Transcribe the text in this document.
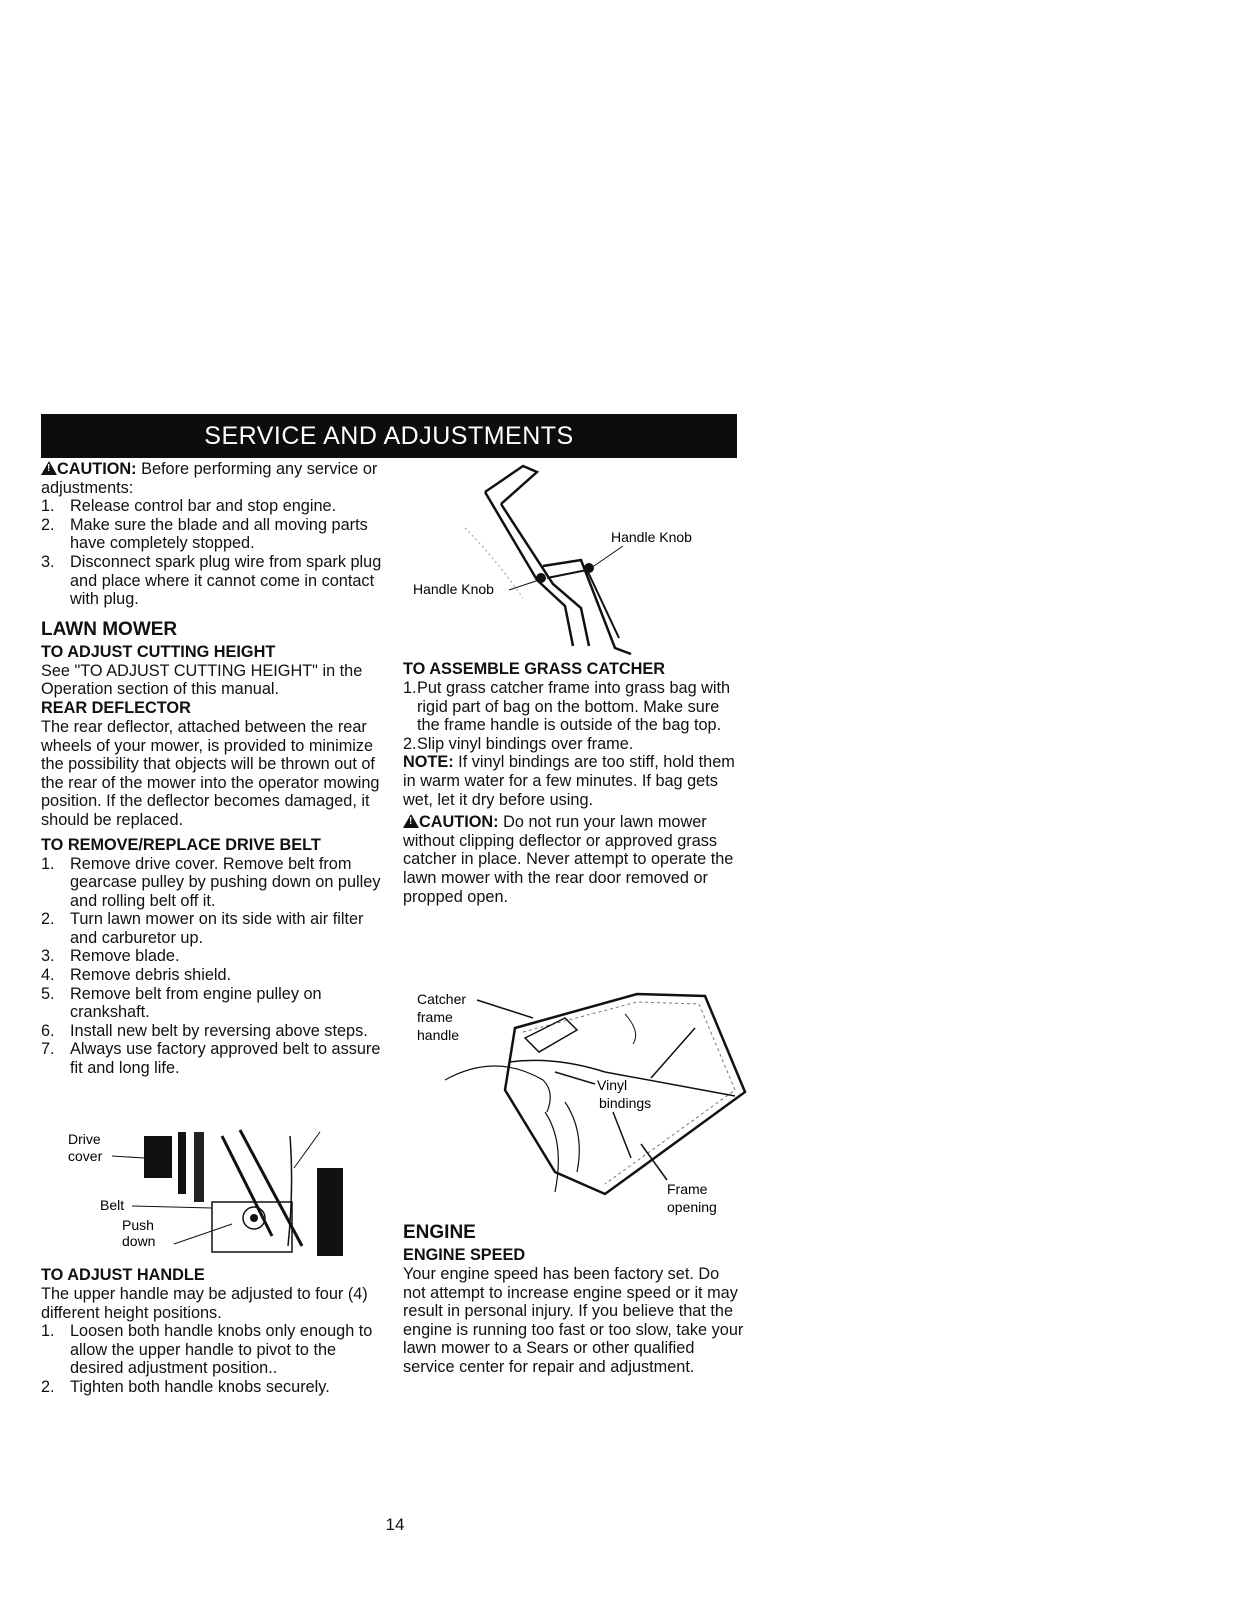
SERVICE AND ADJUSTMENTS

!CAUTION: Before performing any service or adjustments:

1. Release control bar and stop engine.
2. Make sure the blade and all moving parts have completely stopped.
3. Disconnect spark plug wire from spark plug and place where it cannot come in contact with plug.
LAWN MOWER
TO ADJUST CUTTING HEIGHT

See "TO ADJUST CUTTING HEIGHT" in the Operation section of this manual.

REAR DEFLECTOR

The rear deflector, attached between the rear wheels of your mower, is provided to minimize the possibility that objects will be thrown out of the rear of the mower into the operator mowing position. If the deflector becomes damaged, it should be replaced.

TO REMOVE/REPLACE DRIVE BELT
1. Remove drive cover. Remove belt from gearcase pulley by pushing down on pulley and rolling belt off it.
2. Turn lawn mower on its side with air filter and carburetor up.
3. Remove blade.
4. Remove debris shield.
5. Remove belt from engine pulley on crankshaft.
6. Install new belt by reversing above steps.
7. Always use factory approved belt to assure fit and long life.
Drive
cover
Belt
Push
down
TO ADJUST HANDLE

The upper handle may be adjusted to four (4) different height positions.

1. Loosen both handle knobs only enough to allow the upper handle to pivot to the desired adjustment position..
2. Tighten both handle knobs securely.
Handle Knob
Handle Knob
TO ASSEMBLE GRASS CATCHER
1. Put grass catcher frame into grass bag with rigid part of bag on the bottom. Make sure the frame handle is outside of the bag top.
2. Slip vinyl bindings over frame.

NOTE: If vinyl bindings are too stiff, hold them in warm water for a few minutes. If bag gets wet, let it dry before using.

!CAUTION: Do not run your lawn mower without clipping deflector or approved grass catcher in place. Never attempt to operate the lawn mower with the rear door removed or propped open.

Catcher
frame
handle
Vinyl
bindings
Frame
opening
ENGINE
ENGINE SPEED

Your engine speed has been factory set. Do not attempt to increase engine speed or it may result in personal injury. If you believe that the engine is running too fast or too slow, take your lawn mower to a Sears or other qualified service center for repair and adjustment.

14
